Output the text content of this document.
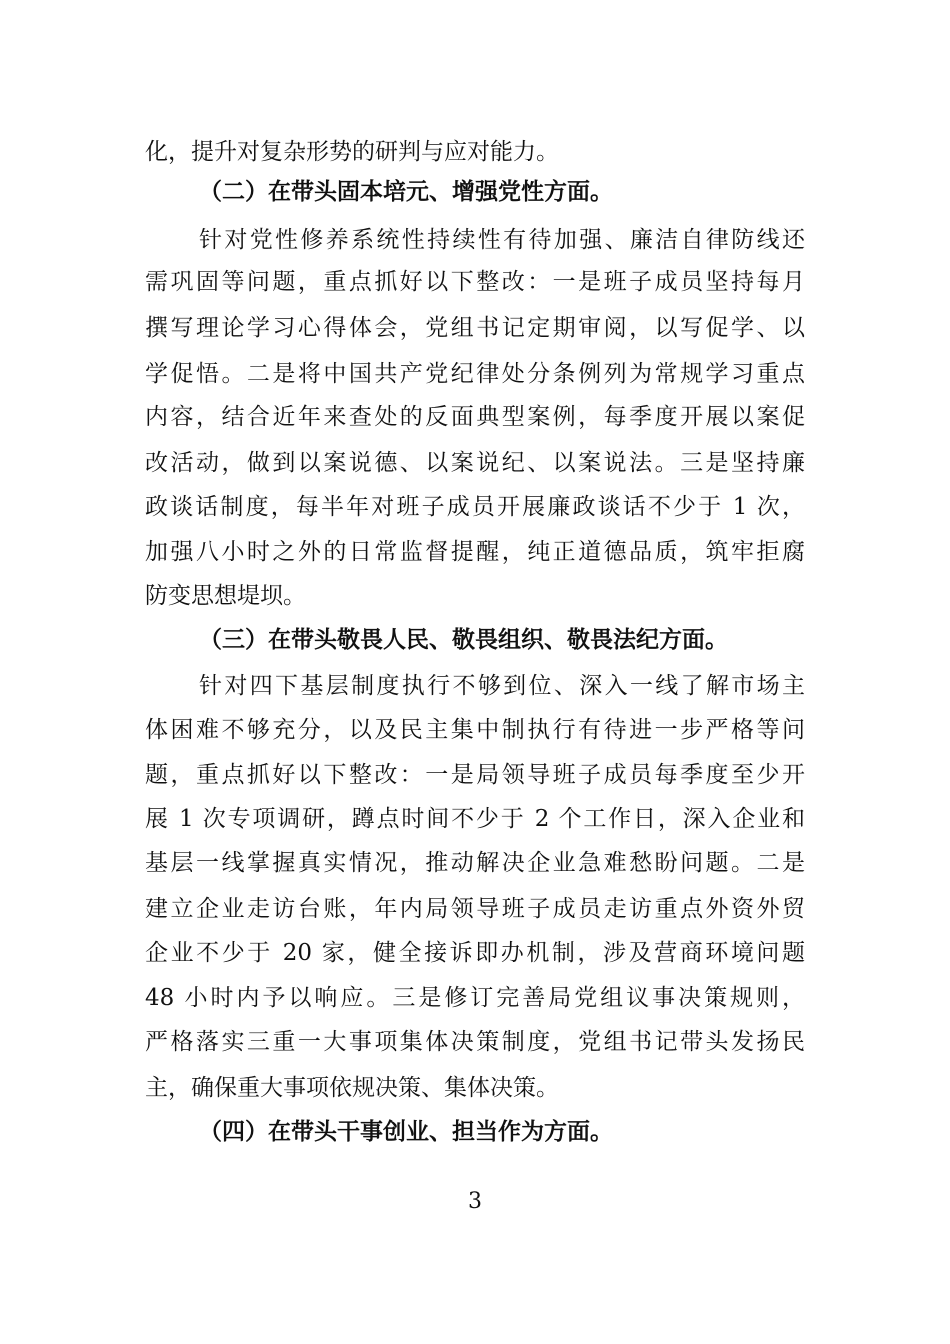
化，提升对复杂形势的研判与应对能力。
（二）在带头固本培元、增强党性方面。
针对党性修养系统性持续性有待加强、廉洁自律防线还
需巩固等问题，重点抓好以下整改：一是班子成员坚持每月
撰写理论学习心得体会，党组书记定期审阅，以写促学、以
学促悟。二是将中国共产党纪律处分条例列为常规学习重点
内容，结合近年来查处的反面典型案例，每季度开展以案促
改活动，做到以案说德、以案说纪、以案说法。三是坚持廉
政谈话制度，每半年对班子成员开展廉政谈话不少于 1 次，
加强八小时之外的日常监督提醒，纯正道德品质，筑牢拒腐
防变思想堤坝。
（三）在带头敬畏人民、敬畏组织、敬畏法纪方面。
针对四下基层制度执行不够到位、深入一线了解市场主
体困难不够充分，以及民主集中制执行有待进一步严格等问
题，重点抓好以下整改：一是局领导班子成员每季度至少开
展 1 次专项调研，蹲点时间不少于 2 个工作日，深入企业和
基层一线掌握真实情况，推动解决企业急难愁盼问题。二是
建立企业走访台账，年内局领导班子成员走访重点外资外贸
企业不少于 20 家，健全接诉即办机制，涉及营商环境问题
48 小时内予以响应。三是修订完善局党组议事决策规则，
严格落实三重一大事项集体决策制度，党组书记带头发扬民
主，确保重大事项依规决策、集体决策。
（四）在带头干事创业、担当作为方面。
3
